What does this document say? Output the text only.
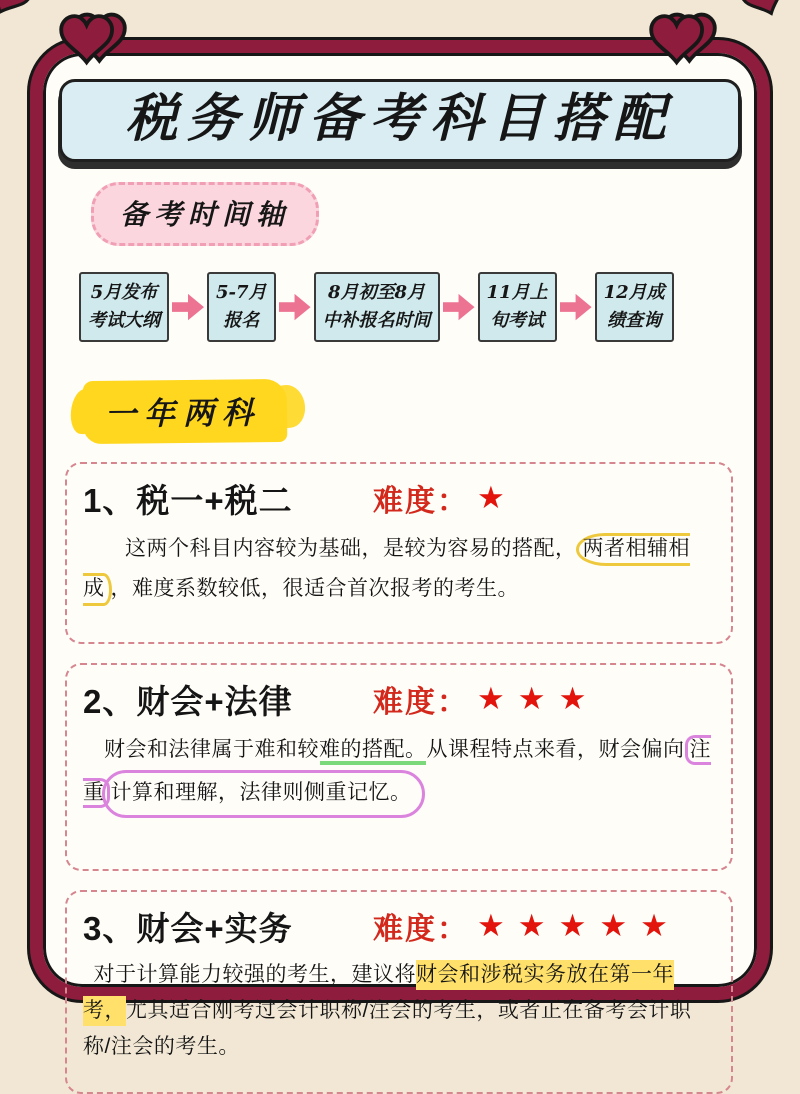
税务师备考科目搭配
备考时间轴
5月发布
考试大纲
5-7月
报名
8月初至8月
中补报名时间
11月上
旬考试
12月成
绩查询
一年两科
1、税一+税二	难度： ★

这两个科目内容较为基础，是较为容易的搭配， 两者相辅相成 ，难度系数较低，很适合首次报考的考生。

2、财会+法律	难度： ★★★

财会和法律属于难和较难的搭配。从课程特点来看，财会偏向 注重 计算和理解，法律则侧重记忆。

3、财会+实务	难度： ★★★★★

对于计算能力较强的考生，建议将财会和涉税实务放在第一年考，尤其适合刚考过会计职称/注会的考生，或者正在备考会计职称/注会的考生。
